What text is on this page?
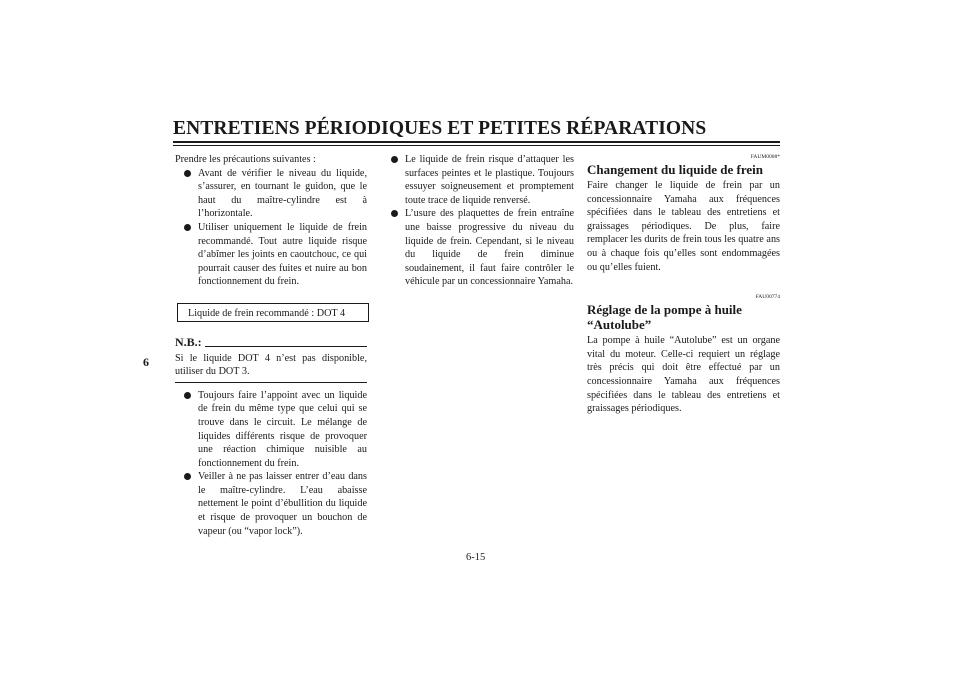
ENTRETIENS PÉRIODIQUES ET PETITES RÉPARATIONS
6

Prendre les précautions suivantes :

Avant de vérifier le niveau du liquide, s’assurer, en tournant le guidon, que le haut du maître-cylindre est à l’horizontale.
Utiliser uniquement le liquide de frein recommandé. Tout autre liquide risque d’abîmer les joints en caoutchouc, ce qui pourrait causer des fuites et nuire au bon fonctionnement du frein.
Liquide de frein recommandé : DOT 4
N.B.:

Si le liquide DOT 4 n’est pas disponible, utiliser du DOT 3.

Toujours faire l’appoint avec un liquide de frein du même type que celui qui se trouve dans le circuit. Le mélange de liquides différents risque de provoquer une réaction chimique nuisible au fonctionnement du frein.
Veiller à ne pas laisser entrer d’eau dans le maître-cylindre. L’eau abaisse nettement le point d’ébullition du liquide et risque de provoquer un bouchon de vapeur (ou “vapor lock”).
Le liquide de frein risque d’attaquer les surfaces peintes et le plastique. Toujours essuyer soigneusement et promptement toute trace de liquide renversé.
L’usure des plaquettes de frein entraîne une baisse progressive du niveau du liquide de frein. Cependant, si le niveau du liquide de frein diminue soudainement, il faut faire contrôler le véhicule par un concessionnaire Yamaha.
FAUM0008*
Changement du liquide de frein

Faire changer le liquide de frein par un concessionnaire Yamaha aux fréquences spécifiées dans le tableau des entretiens et graissages périodiques. De plus, faire remplacer les durits de frein tous les quatre ans ou à chaque fois qu’elles sont endommagées ou qu’elles fuient.

FAU00774
Réglage de la pompe à huile “Autolube”

La pompe à huile “Autolube” est un organe vital du moteur. Celle-ci requiert un réglage très précis qui doit être effectué par un concessionnaire Yamaha aux fréquences spécifiées dans le tableau des entretiens et graissages périodiques.

6-15
